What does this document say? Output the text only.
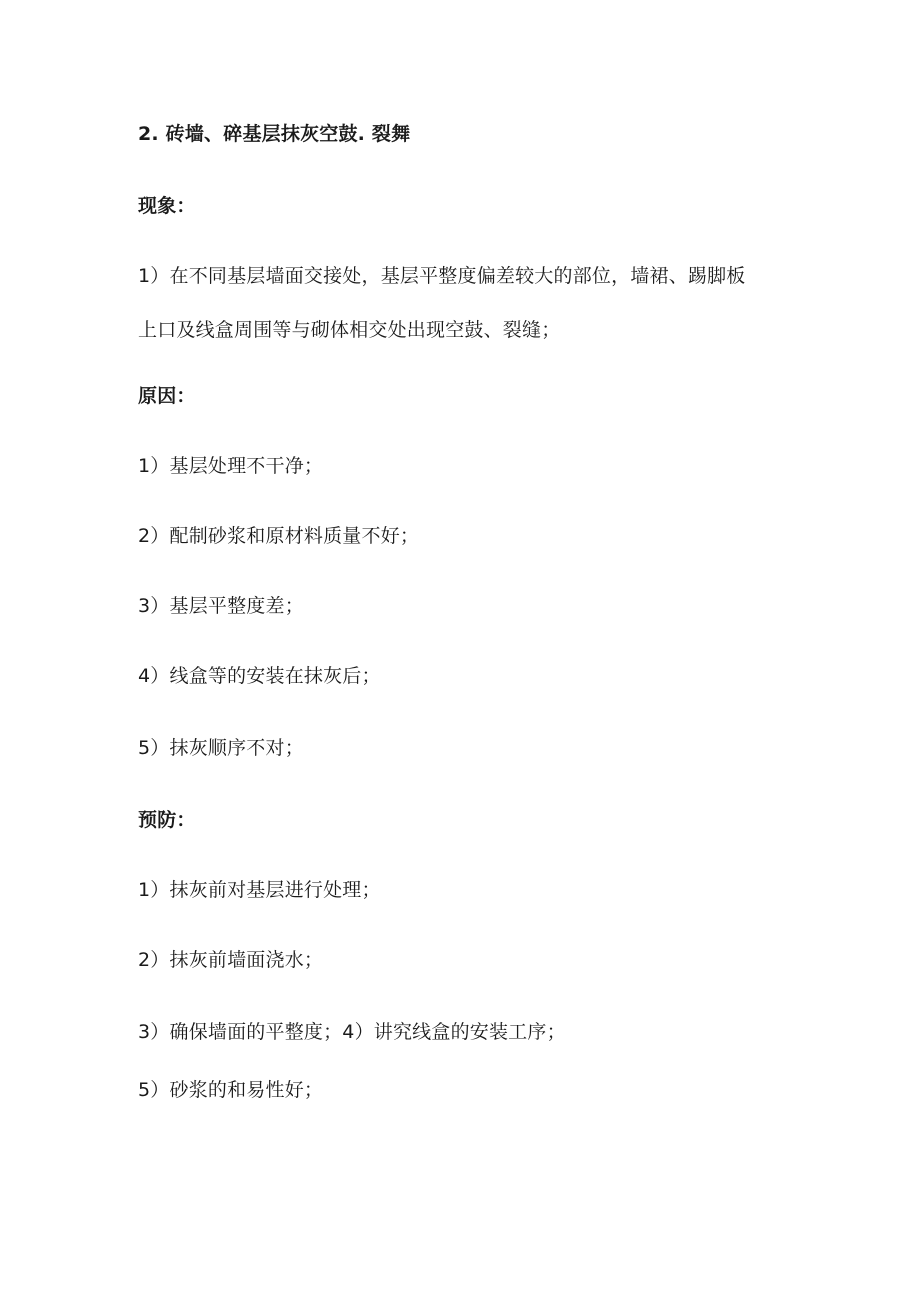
2. 砖墙、碎基层抹灰空鼓. 裂舞
现象：
1）在不同基层墙面交接处，基层平整度偏差较大的部位，墙裙、踢脚板
上口及线盒周围等与砌体相交处出现空鼓、裂缝；
原因：
1）基层处理不干净；
2）配制砂浆和原材料质量不好；
3）基层平整度差；
4）线盒等的安装在抹灰后；
5）抹灰顺序不对；
预防：
1）抹灰前对基层进行处理；
2）抹灰前墙面浇水；
3）确保墙面的平整度；4）讲究线盒的安装工序；
5）砂浆的和易性好；
